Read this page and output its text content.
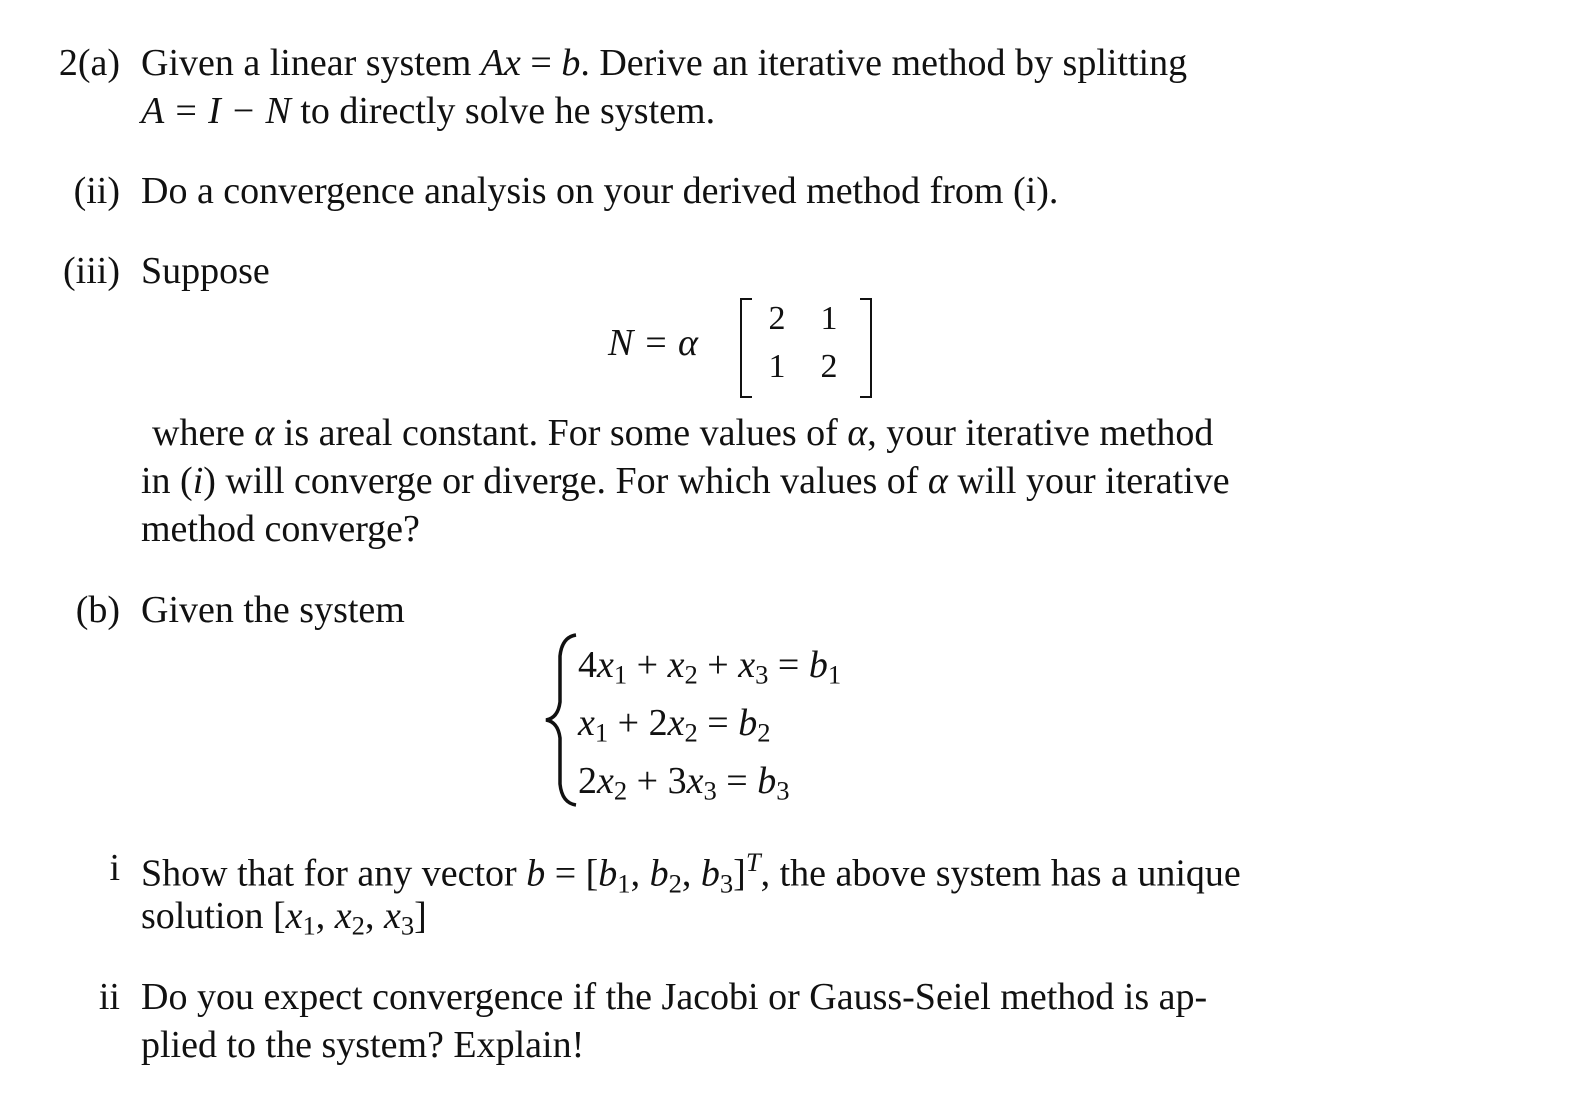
2(a) Given a linear system Ax = b. Derive an iterative method by splitting
A = I − N to directly solve he system.
(ii) Do a convergence analysis on your derived method from (i).
(iii) Suppose
N = α
2	1
1	2
where α is areal constant. For some values of α, your iterative method
in (i) will converge or diverge. For which values of α will your iterative
method converge?
(b) Given the system
$4x_1 + x_2 + x_3 = b_1$
$x_1 + 2x_2 = b_2$
$2x_2 + 3x_3 = b_3$
i Show that for any vector $b = [b_1$, $b_2$, $b_3]^T$, the above system has a unique
solution [$x_1$, $x_2$, $x_3$]
ii Do you expect convergence if the Jacobi or Gauss-Seiel method is ap-
plied to the system? Explain!
